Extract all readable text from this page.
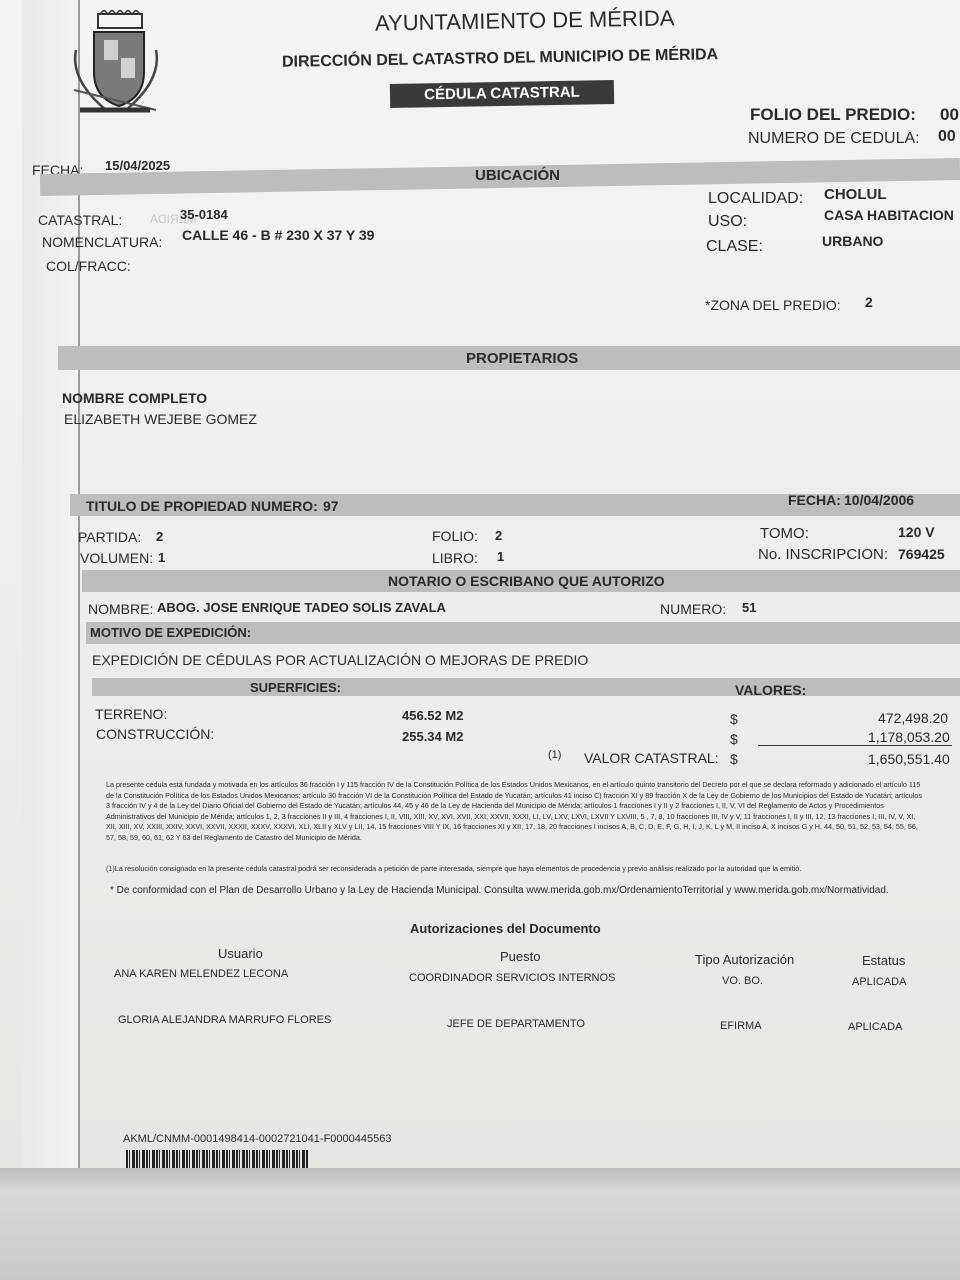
AYUNTAMIENTO DE MÉRIDA
DIRECCIÓN DEL CATASTRO DEL MUNICIPIO DE MÉRIDA
CÉDULA CATASTRAL
FOLIO DEL PREDIO: 00
NUMERO DE CEDULA: 00
FECHA: 15/04/2025
UBICACIÓN
MERIDA
CATASTRAL:	35-0184
NOMENCLATURA: CALLE 46 - B # 230 X 37 Y 39
COL/FRACC:
LOCALIDAD: CHOLUL
USO:	CASA HABITACION
CLASE:	URBANO
*ZONA DEL PREDIO: 2
PROPIETARIOS
NOMBRE COMPLETO
ELIZABETH WEJEBE GOMEZ
TITULO DE PROPIEDAD NUMERO: 97	FECHA: 10/04/2006
PARTIDA: 2
VOLUMEN: 1
FOLIO: 2
LIBRO: 1
TOMO:	120 V
No. INSCRIPCION: 769425
NOTARIO O ESCRIBANO QUE AUTORIZO
NOMBRE: ABOG. JOSE ENRIQUE TADEO SOLIS ZAVALA	NUMERO: 51
MOTIVO DE EXPEDICIÓN:
EXPEDICIÓN DE CÉDULAS POR ACTUALIZACIÓN O MEJORAS DE PREDIO
SUPERFICIES:	VALORES:
TERRENO:	456.52 M2
CONSTRUCCIÓN:	255.34 M2
$	472,498.20
$	1,178,053.20
(1) VALOR CATASTRAL: $	1,650,551.40
La presente cédula está fundada y motivada en los artículos 36 fracción I y 115 fracción IV de la Constitución Política de los Estados Unidos Mexicanos, en el artículo quinto transitorio del Decreto por el que se declara reformado y adicionado el artículo 115 de la Constitución Política de los Estados Unidos Mexicanos; artículo 30 fracción VI de la Constitución Política del Estado de Yucatán; artículos 41 inciso C) fracción XI y 89 fracción X de la Ley de Gobierno de los Municipios del Estado de Yucatán; artículos 3 fracción IV y 4 de la Ley del Diario Oficial del Gobierno del Estado de Yucatán; artículos 44, 45 y 46 de la Ley de Hacienda del Municipio de Mérida; artículos 1 fracciones I y II y 2 fracciones I, II, V, VI del Reglamento de Actos y Procedimientos Administrativos del Municipio de Mérida; artículos 1, 2, 3 fracciones II y III, 4 fracciones I, II, VIII, XIII, XV, XVI, XVII, XXI, XXVII, XXXI, LI, LV, LXV, LXVI, LXVII Y LXVIII, 5 , 7, 8, 10 fracciones III, IV y V, 11 fracciones I, II y III, 12, 13 fracciones I, III, IV, V, XI, XII, XIII, XV, XXIII, XXIV, XXVI, XXVII, XXXII, XXXV, XXXVI, XLI, XLII y XLV y LII, 14, 15 fracciones VIII Y IX, 16 fracciones XI y XII, 17, 18, 20 fracciones I incisos A, B, C, D, E, F, G, H, I, J, K, L y M, II inciso A, X incisos G y H, 44, 50, 51, 52, 53, 54, 55, 56, 57, 58, 59, 60, 61, 62 Y 63 del Reglamento de Catastro del Municipio de Mérida.
(1)La resolución consignada en la presente cédula catastral podrá ser reconsiderada a petición de parte interesada, siempre que haya elementos de procedencia y previo análisis realizado por la autoridad que la emitió.
* De conformidad con el Plan de Desarrollo Urbano y la Ley de Hacienda Municipal. Consulta www.merida.gob.mx/OrdenamientoTerritorial y www.merida.gob.mx/Normatividad.
Autorizaciones del Documento
Usuario	Puesto	Tipo Autorización	Estatus
ANA KAREN MELENDEZ LECONA	COORDINADOR SERVICIOS INTERNOS	VO. BO.	APLICADA
GLORIA ALEJANDRA MARRUFO FLORES	JEFE DE DEPARTAMENTO	EFIRMA	APLICADA
AKML/CNMM-0001498414-0002721041-F0000445563
